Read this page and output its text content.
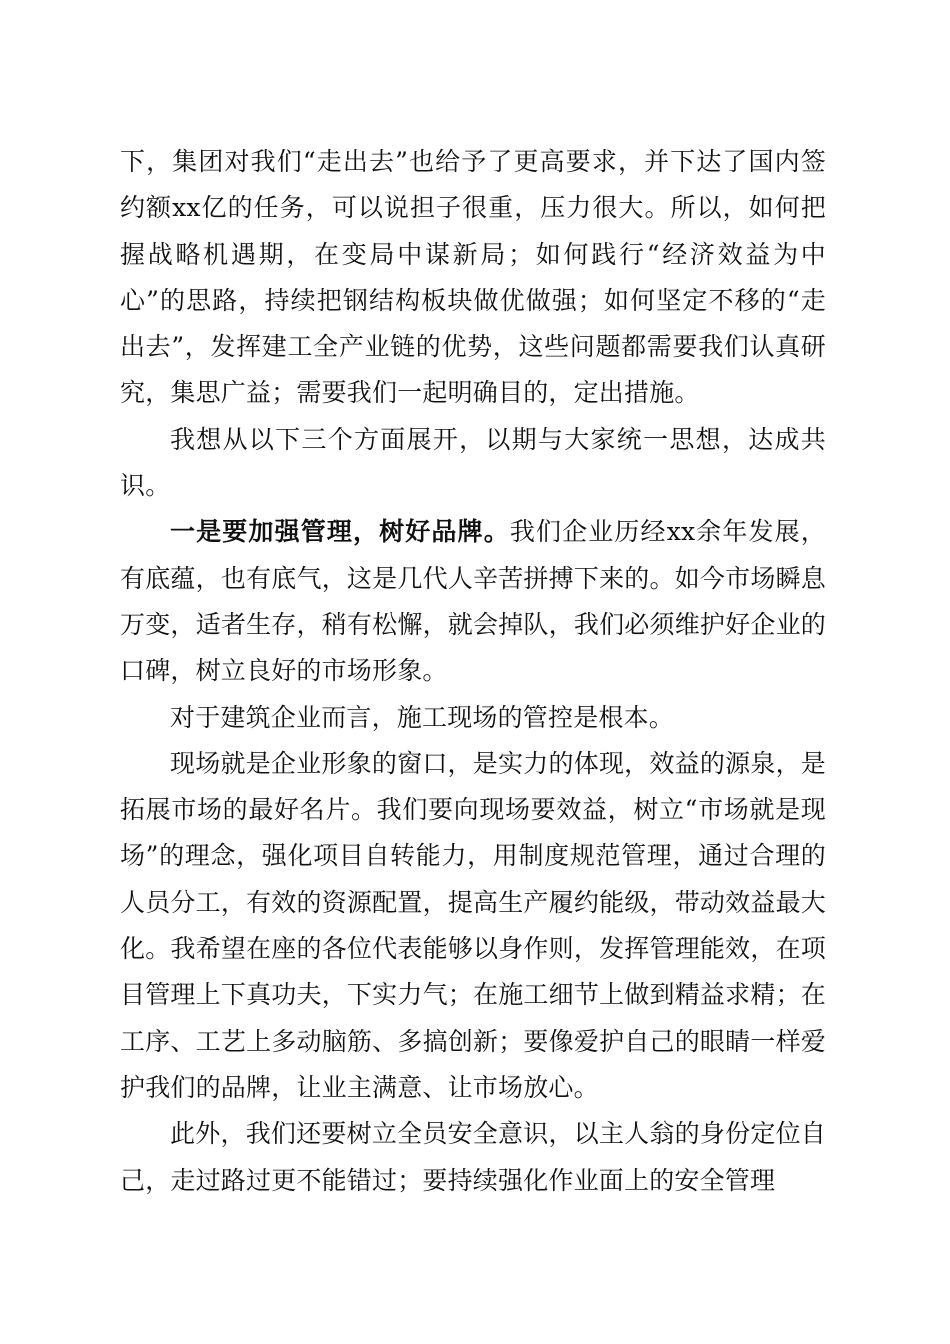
下，集团对我们“走出去”也给予了更高要求，并下达了国内签约额xx亿的任务，可以说担子很重，压力很大。所以，如何把握战略机遇期，在变局中谋新局；如何践行“经济效益为中心”的思路，持续把钢结构板块做优做强；如何坚定不移的“走出去”，发挥建工全产业链的优势，这些问题都需要我们认真研究，集思广益；需要我们一起明确目的，定出措施。

我想从以下三个方面展开，以期与大家统一思想，达成共识。

一是要加强管理，树好品牌。我们企业历经xx余年发展，有底蕴，也有底气，这是几代人辛苦拼搏下来的。如今市场瞬息万变，适者生存，稍有松懈，就会掉队，我们必须维护好企业的口碑，树立良好的市场形象。

对于建筑企业而言，施工现场的管控是根本。

现场就是企业形象的窗口，是实力的体现，效益的源泉，是拓展市场的最好名片。我们要向现场要效益，树立“市场就是现场”的理念，强化项目自转能力，用制度规范管理，通过合理的人员分工，有效的资源配置，提高生产履约能级，带动效益最大化。我希望在座的各位代表能够以身作则，发挥管理能效，在项目管理上下真功夫，下实力气；在施工细节上做到精益求精；在工序、工艺上多动脑筋、多搞创新；要像爱护自己的眼睛一样爱护我们的品牌，让业主满意、让市场放心。

此外，我们还要树立全员安全意识，以主人翁的身份定位自己，走过路过更不能错过；要持续强化作业面上的安全管理
